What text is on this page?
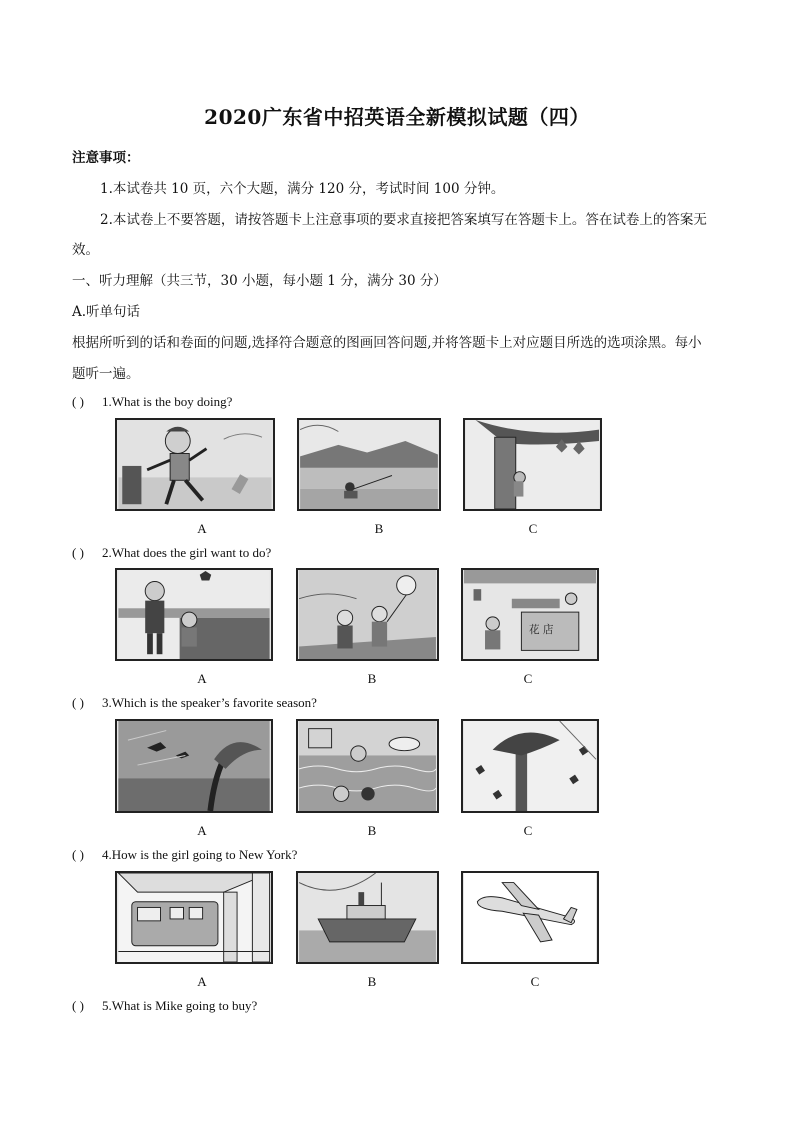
2020广东省中招英语全新模拟试题（四）
注意事项：
1.本试卷共 10 页，六个大题，满分 120 分，考试时间 100 分钟。
2.本试卷上不要答题，请按答题卡上注意事项的要求直接把答案填写在答题卡上。答在试卷上的答案无
效。
一、听力理解（共三节，30 小题，每小题 1 分，满分 30 分）
A.听单句话
根据所听到的话和卷面的问题,选择符合题意的图画回答问题,并将答题卡上对应题目所选的选项涂黑。每小
题听一遍。
( ) 1.What is the boy doing?
A	B	C
( ) 2.What does the girl want to do?
花 店
A	B	C
( ) 3.Which is the speaker’s favorite season?
A	B	C
( ) 4.How is the girl going to New York?
A	B	C
( ) 5.What is Mike going to buy?
